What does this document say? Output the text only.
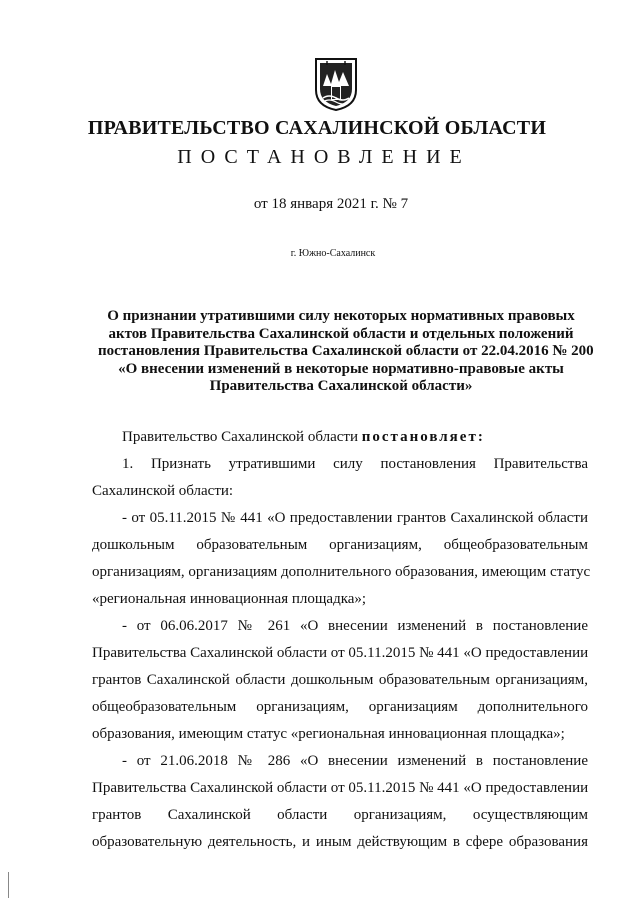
ПРАВИТЕЛЬСТВО САХАЛИНСКОЙ ОБЛАСТИ
ПОСТАНОВЛЕНИЕ
от 18 января 2021 г. № 7
г. Южно-Сахалинск
О признании утратившими силу некоторых нормативных правовых
актов Правительства Сахалинской области и отдельных положений
постановления Правительства Сахалинской области от 22.04.2016 № 200
«О внесении изменений в некоторые нормативно-правовые акты
Правительства Сахалинской области»

Правительство Сахалинской области постановляет:

1. Признать утратившими силу постановления Правительства
Сахалинской области:
- от 05.11.2015 № 441 «О предоставлении грантов Сахалинской области
дошкольным образовательным организациям, общеобразовательным
организациям, организациям дополнительного образования, имеющим статус
«региональная инновационная площадка»;
- от 06.06.2017 № 261 «О внесении изменений в постановление
Правительства Сахалинской области от 05.11.2015 № 441 «О предоставлении
грантов Сахалинской области дошкольным образовательным организациям,
общеобразовательным организациям, организациям дополнительного
образования, имеющим статус «региональная инновационная площадка»;
- от 21.06.2018 № 286 «О внесении изменений в постановление
Правительства Сахалинской области от 05.11.2015 № 441 «О предоставлении
грантов Сахалинской области организациям, осуществляющим
образовательную деятельность, и иным действующим в сфере образования
